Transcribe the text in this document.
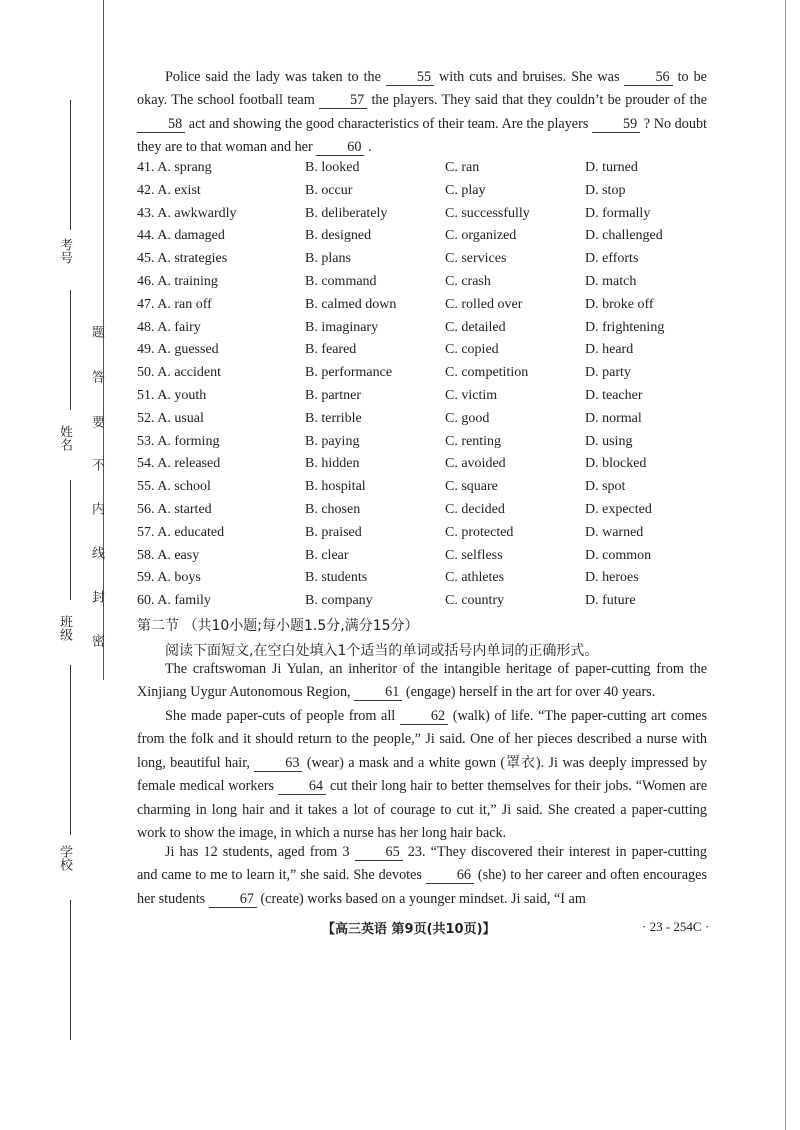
考号
姓名
班级
学校
题
答
要
不
内
线
封
密
Police said the lady was taken to the 55 with cuts and bruises. She was 56 to be okay. The school football team 57 the players. They said that they couldn’t be prouder of the 58 act and showing the good characteristics of their team. Are the players 59 ? No doubt they are to that woman and her 60 .
41. A. sprang	B. looked	C. ran	D. turned
42. A. exist	B. occur	C. play	D. stop
43. A. awkwardly	B. deliberately	C. successfully	D. formally
44. A. damaged	B. designed	C. organized	D. challenged
45. A. strategies	B. plans	C. services	D. efforts
46. A. training	B. command	C. crash	D. match
47. A. ran off	B. calmed down	C. rolled over	D. broke off
48. A. fairy	B. imaginary	C. detailed	D. frightening
49. A. guessed	B. feared	C. copied	D. heard
50. A. accident	B. performance	C. competition	D. party
51. A. youth	B. partner	C. victim	D. teacher
52. A. usual	B. terrible	C. good	D. normal
53. A. forming	B. paying	C. renting	D. using
54. A. released	B. hidden	C. avoided	D. blocked
55. A. school	B. hospital	C. square	D. spot
56. A. started	B. chosen	C. decided	D. expected
57. A. educated	B. praised	C. protected	D. warned
58. A. easy	B. clear	C. selfless	D. common
59. A. boys	B. students	C. athletes	D. heroes
60. A. family	B. company	C. country	D. future
第二节 （共10小题;每小题1.5分,满分15分）
阅读下面短文,在空白处填入1个适当的单词或括号内单词的正确形式。
The craftswoman Ji Yulan, an inheritor of the intangible heritage of paper-cutting from the Xinjiang Uygur Autonomous Region, 61 (engage) herself in the art for over 40 years.
She made paper-cuts of people from all 62 (walk) of life. “The paper-cutting art comes from the folk and it should return to the people,” Ji said. One of her pieces described a nurse with long, beautiful hair, 63 (wear) a mask and a white gown (罩衣). Ji was deeply impressed by female medical workers 64 cut their long hair to better themselves for their jobs. “Women are charming in long hair and it takes a lot of courage to cut it,” Ji said. She created a paper-cutting work to show the image, in which a nurse has her long hair back.
Ji has 12 students, aged from 3 65 23. “They discovered their interest in paper-cutting and came to me to learn it,” she said. She devotes 66 (she) to her career and often encourages her students 67 (create) works based on a younger mindset. Ji said, “I am
【高三英语 第9页(共10页)】	· 23 - 254C ·
